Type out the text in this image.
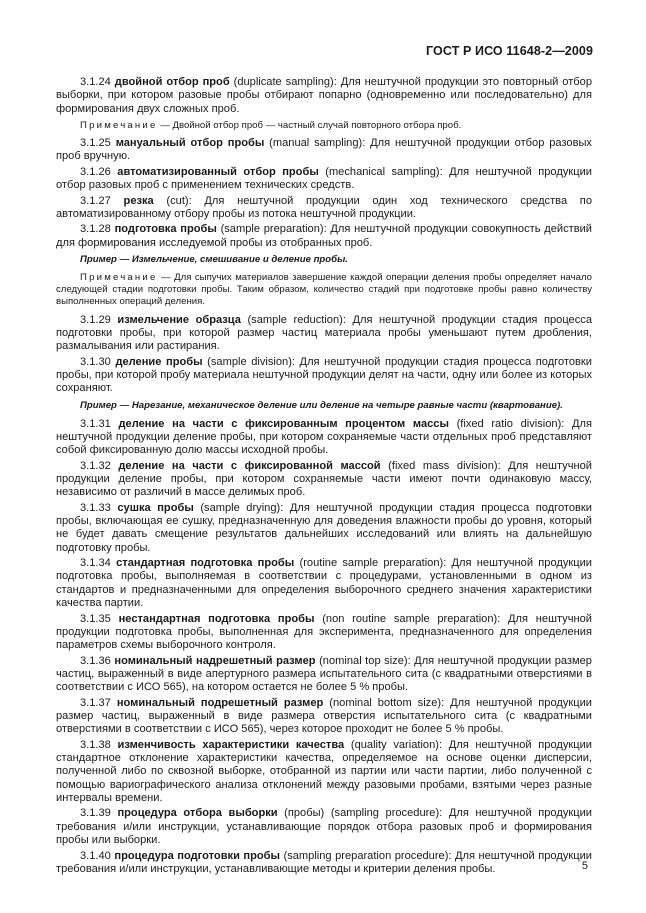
ГОСТ Р ИСО 11648-2—2009

3.1.24 двойной отбор проб (duplicate sampling): Для нештучной продукции это повторный отбор выборки, при котором разовые пробы отбирают попарно (одновременно или последовательно) для формирования двух сложных проб.

Примечание — Двойной отбор проб — частный случай повторного отбора проб.

3.1.25 мануальный отбор пробы (manual sampling): Для нештучной продукции отбор разовых проб вручную.

3.1.26 автоматизированный отбор пробы (mechanical sampling): Для нештучной продукции отбор разовых проб с применением технических средств.

3.1.27 резка (cut): Для нештучной продукции один ход технического средства по автоматизированному отбору пробы из потока нештучной продукции.

3.1.28 подготовка пробы (sample preparation): Для нештучной продукции совокупность действий для формирования исследуемой пробы из отобранных проб.

Пример — Измельчение, смешивание и деление пробы.

Примечание — Для сыпучих материалов завершение каждой операции деления пробы определяет начало следующей стадии подготовки пробы. Таким образом, количество стадий при подготовке пробы равно количеству выполненных операций деления.

3.1.29 измельчение образца (sample reduction): Для нештучной продукции стадия процесса подготовки пробы, при которой размер частиц материала пробы уменьшают путем дробления, размалывания или растирания.

3.1.30 деление пробы (sample division): Для нештучной продукции стадия процесса подготовки пробы, при которой пробу материала нештучной продукции делят на части, одну или более из которых сохраняют.

Пример — Нарезание, механическое деление или деление на четыре равные части (квартование).

3.1.31 деление на части с фиксированным процентом массы (fixed ratio division): Для нештучной продукции деление пробы, при котором сохраняемые части отдельных проб представляют собой фиксированную долю массы исходной пробы.

3.1.32 деление на части с фиксированной массой (fixed mass division): Для нештучной продукции деление пробы, при котором сохраняемые части имеют почти одинаковую массу, независимо от различий в массе делимых проб.

3.1.33 сушка пробы (sample drying): Для нештучной продукции стадия процесса подготовки пробы, включающая ее сушку, предназначенную для доведения влажности пробы до уровня, который не будет давать смещение результатов дальнейших исследований или влиять на дальнейшую подготовку пробы.

3.1.34 стандартная подготовка пробы (routine sample preparation): Для нештучной продукции подготовка пробы, выполняемая в соответствии с процедурами, установленными в одном из стандартов и предназначенными для определения выборочного среднего значения характеристики качества партии.

3.1.35 нестандартная подготовка пробы (non routine sample preparation): Для нештучной продукции подготовка пробы, выполненная для эксперимента, предназначенного для определения параметров схемы выборочного контроля.

3.1.36 номинальный надрешетный размер (nominal top size): Для нештучной продукции размер частиц, выраженный в виде апертурного размера испытательного сита (с квадратными отверстиями в соответствии с ИСО 565), на котором остается не более 5 % пробы.

3.1.37 номинальный подрешетный размер (nominal bottom size): Для нештучной продукции размер частиц, выраженный в виде размера отверстия испытательного сита (с квадратными отверстиями в соответствии с ИСО 565), через которое проходит не более 5 % пробы.

3.1.38 изменчивость характеристики качества (quality variation): Для нештучной продукции стандартное отклонение характеристики качества, определяемое на основе оценки дисперсии, полученной либо по сквозной выборке, отобранной из партии или части партии, либо полученной с помощью вариографического анализа отклонений между разовыми пробами, взятыми через разные интервалы времени.

3.1.39 процедура отбора выборки (пробы) (sampling procedure): Для нештучной продукции требования и/или инструкции, устанавливающие порядок отбора разовых проб и формирования пробы или выборки.

3.1.40 процедура подготовки пробы (sampling preparation procedure): Для нештучной продукции требования и/или инструкции, устанавливающие методы и критерии деления пробы.	5
